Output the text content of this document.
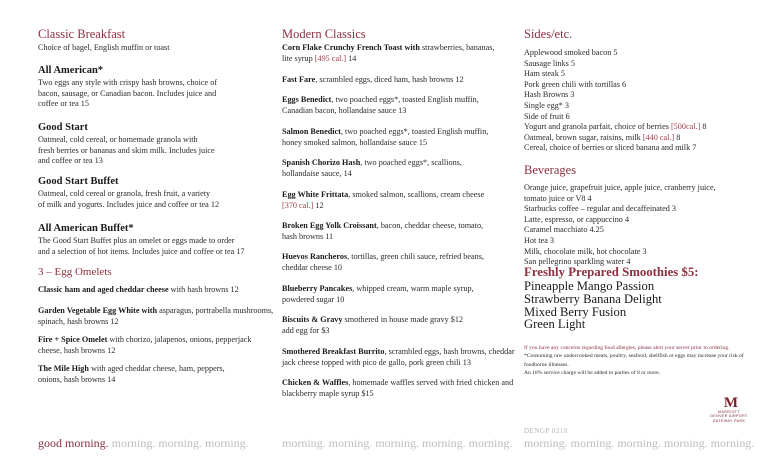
Classic Breakfast
Choice of bagel, English muffin or toast
All American*
Two eggs any style with crispy hash browns, choice of
bacon, sausage, or Canadian bacon. Includes juice and
coffee or tea 15
Good Start
Oatmeal, cold cereal, or homemade granola with
fresh berries or bananas and skim milk. Includes juice
and coffee or tea 13
Good Start Buffet
Oatmeal, cold cereal or granola, fresh fruit, a variety
of milk and yogurts. Includes juice and coffee or tea 12
All American Buffet*
The Good Start Buffet plus an omelet or eggs made to order
and a selection of hot items. Includes juice and coffee or tea 17
3 – Egg Omelets
Classic ham and aged cheddar cheese with hash browns 12
Garden Vegetable Egg White with asparagus, portrabella mushrooms,
spinach, hash browns 12
Fire + Spice Omelet with chorizo, jalapenos, onions, pepperjack
cheese, hash browns 12
The Mile High with aged cheddar cheese, ham, peppers,
onions, hash browns 14
good morning. morning. morning. morning.
Modern Classics
Corn Flake Crunchy French Toast with strawberries, bananas,
lite syrup [495 cal.] 14
Fast Fare, scrambled eggs, diced ham, hash browns 12
Eggs Benedict, two poached eggs*, toasted English muffin,
Canadian bacon, hollandaise sauce 13
Salmon Benedict, two poached eggs*, toasted English muffin,
honey smoked salmon, hollandaise sauce 15
Spanish Chorizo Hash, two poached eggs*, scallions,
hollandaise sauce, 14
Egg White Frittata, smoked salmon, scallions, cream cheese
[370 cal.] 12
Broken Egg Yolk Croissant, bacon, cheddar cheese, tomato,
hash browns 11
Huevos Rancheros, tortillas, green chili sauce, refried beans,
cheddar cheese 10
Blueberry Pancakes, whipped cream, warm maple syrup,
powdered sugar 10
Biscuits & Gravy smothered in house made gravy $12
add egg for $3
Smothered Breakfast Burrito, scrambled eggs, hash browns, cheddar
jack cheese topped with pico de gallo, pork green chili 13
Chicken & Waffles, homemade waffles served with fried chicken and
blackberry maple syrup $15
morning. morning. morning. morning. morning.
Sides/etc.
Applewood smoked bacon 5
Sausage links 5
Ham steak 5
Pork green chili with tortillas 6
Hash Browns 3
Single egg* 3
Side of fruit 6
Yogurt and granola parfait, choice of berries [500cal.] 8
Oatmeal, brown sugar, raisins, milk [440 cal.] 8
Cereal, choice of berries or sliced banana and milk 7
Beverages
Orange juice, grapefruit juice, apple juice, cranberry juice,
tomato juice or V8 4
Starbucks coffee – regular and decaffeinated 3
Latte, espresso, or cappuccino 4
Caramel macchiato 4.25
Hot tea 3
Milk, chocolate milk, hot chocolate 3
San pellegrino sparkling water 4
Freshly Prepared Smoothies $5:
Pineapple Mango Passion
Strawberry Banana Delight
Mixed Berry Fusion
Green Light
If you have any concerns regarding food allergies, please alert your server prior to ordering.
*Consuming raw undercooked meats, poultry, seafood, shellfish or eggs may increase your risk of foodborne illnesses.
An 18% service charge will be added to parties of 8 or more.
M
MARRIOTT
DENVER AIRPORT
GATEWAY PARK
DENGP 0218
morning. morning. morning. morning. morning.
